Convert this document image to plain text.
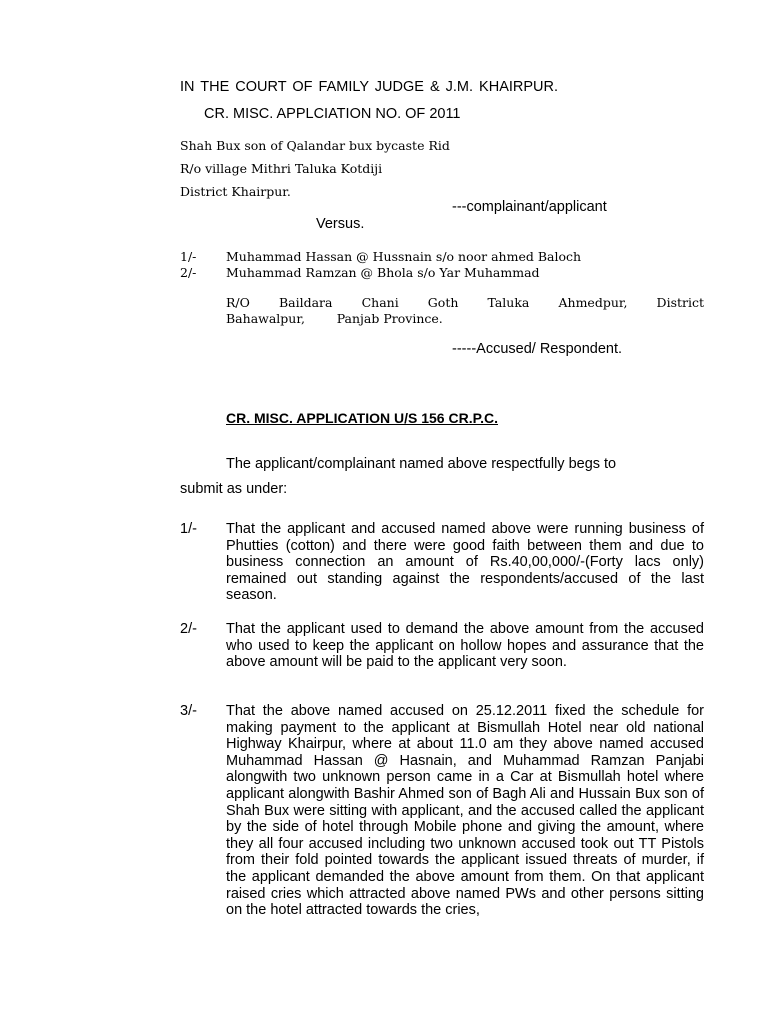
IN THE COURT OF FAMILY JUDGE & J.M. KHAIRPUR.
CR. MISC. APPLCIATION NO. OF 2011
Shah Bux son of Qalandar bux bycaste Rid
R/o village Mithri Taluka Kotdiji
District Khairpur.
---complainant/applicant
Versus.
1/- Muhammad Hassan @ Hussnain s/o noor ahmed Baloch
2/- Muhammad Ramzan @ Bhola s/o Yar Muhammad
R/O Baildara Chani Goth Taluka Ahmedpur, District
Bahawalpur,        Panjab Province.
-----Accused/ Respondent.
CR. MISC. APPLICATION U/S 156 CR.P.C.
The applicant/complainant named above respectfully begs to
submit as under:
1/- That the applicant and accused named above were running business of Phutties (cotton) and there were good faith between them and due to business connection an amount of Rs.40,00,000/-(Forty lacs only) remained out standing against the respondents/accused of the last season.
2/- That the applicant used to demand the above amount from the accused who used to keep the applicant on hollow hopes and assurance that the above amount will be paid to the applicant very soon.
3/- That the above named accused on 25.12.2011 fixed the schedule for making payment to the applicant at Bismullah Hotel near old national Highway Khairpur, where at about 11.0 am they above named accused Muhammad Hassan @ Hasnain, and Muhammad Ramzan Panjabi alongwith two unknown person came in a Car at Bismullah hotel where applicant alongwith Bashir Ahmed son of Bagh Ali and Hussain Bux son of Shah Bux were sitting with applicant, and the accused called the applicant by the side of hotel through Mobile phone and giving the amount, where they all four accused including two unknown accused took out TT Pistols from their fold pointed towards the applicant issued threats of murder, if the applicant demanded the above amount from them. On that applicant raised cries which attracted above named PWs and other persons sitting on the hotel attracted towards the cries,
